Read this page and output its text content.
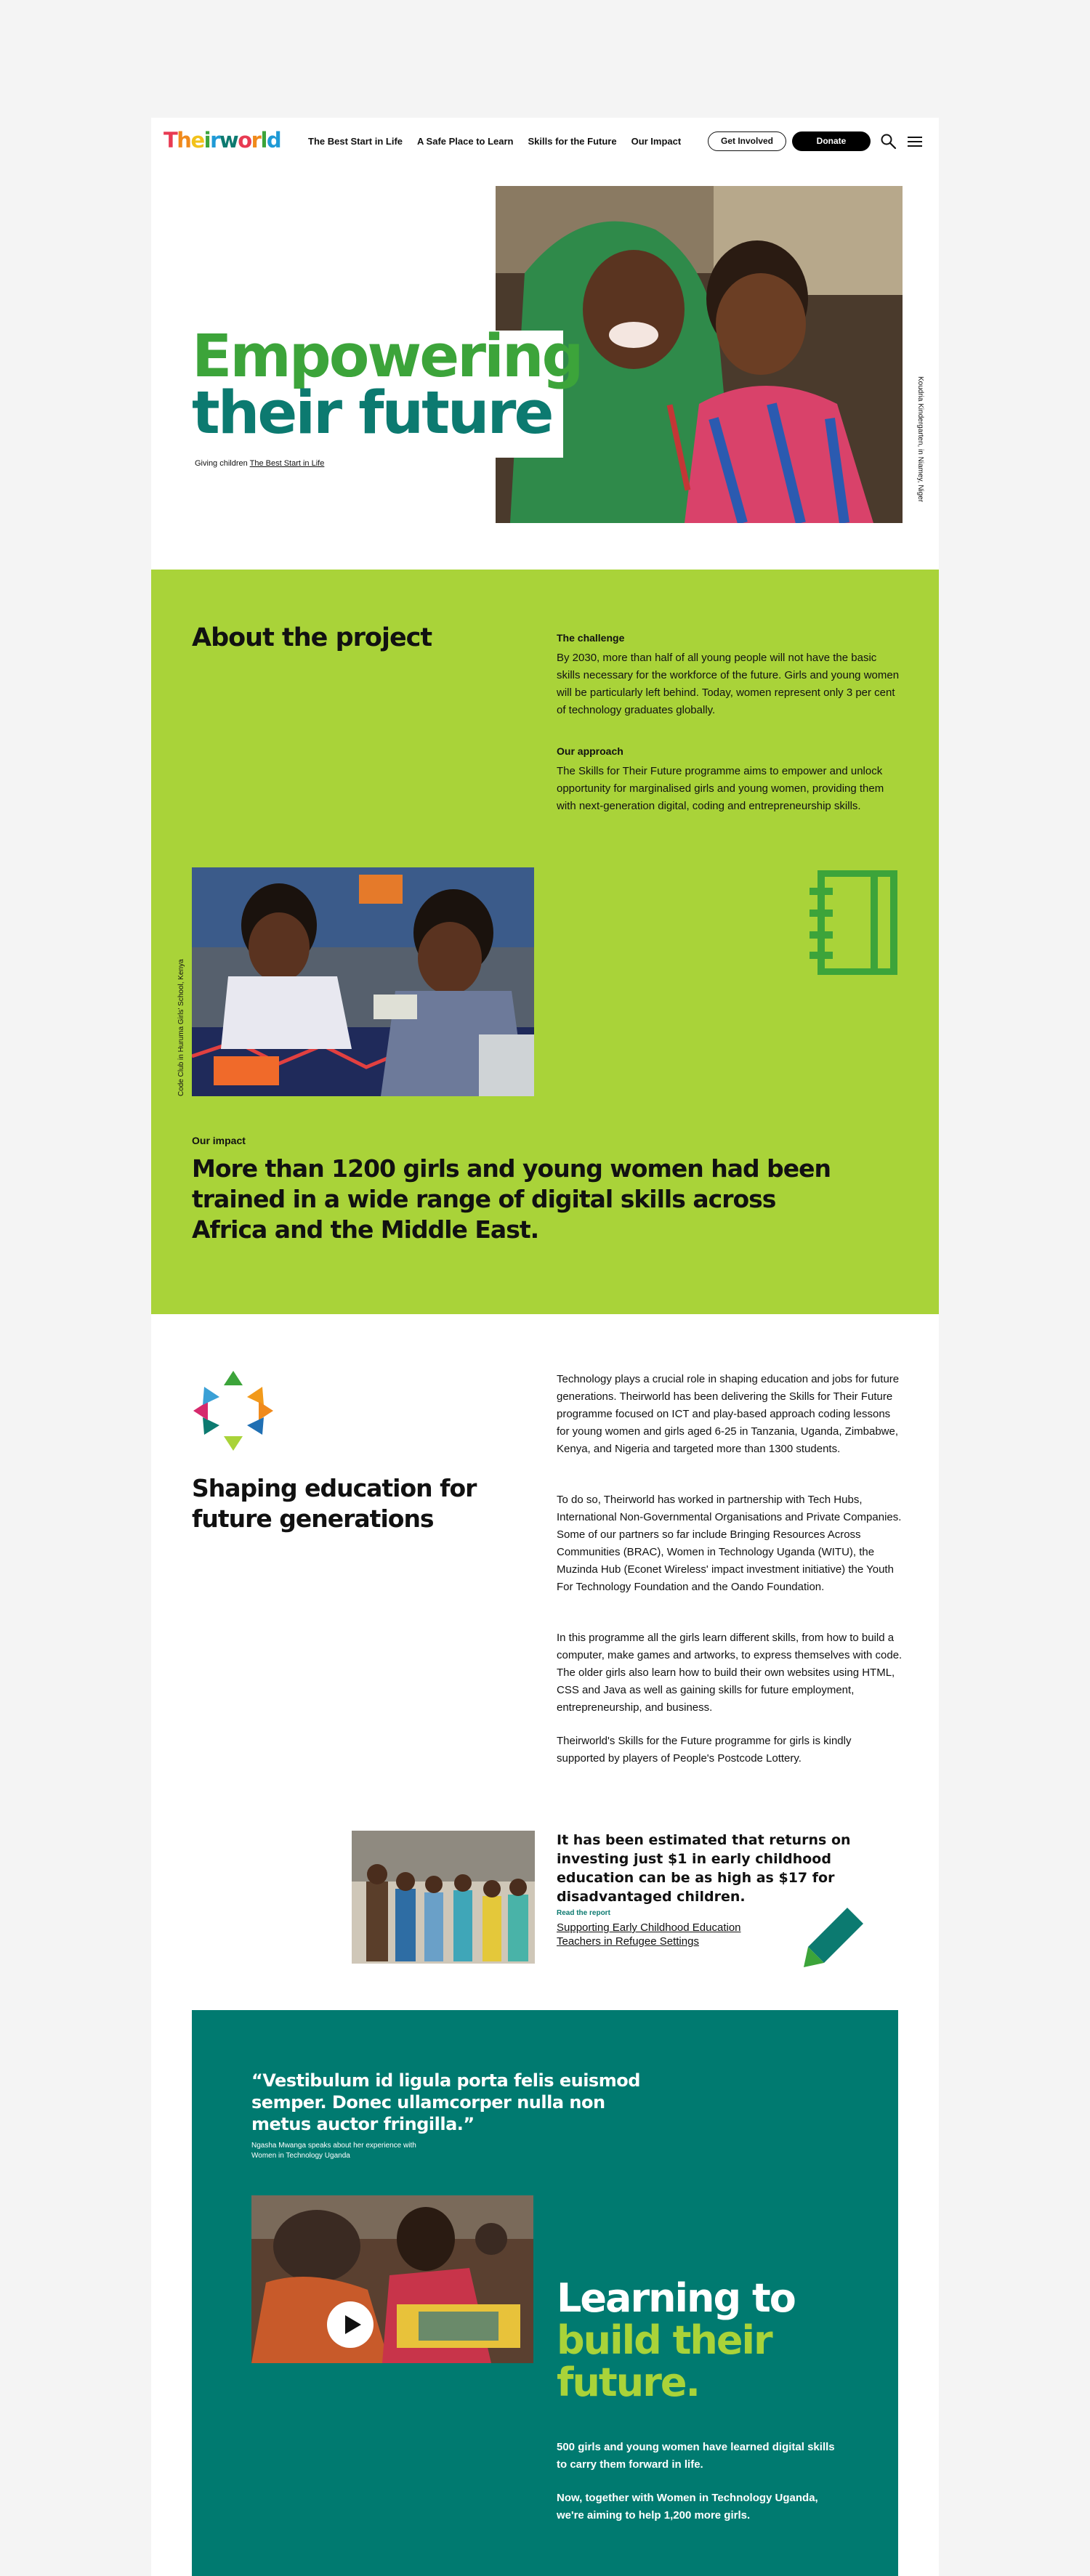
Theirworld	The Best Start in Life A Safe Place to Learn Skills for the Future Our Impact	Get Involved	Donate
Empowering
their future
Giving children The Best Start in Life	Koudria Kindergarten, in Niamey, Niger
About the project	The challenge
By 2030, more than half of all young people will not have the basic skills necessary for the workforce of the future. Girls and young women will be particularly left behind. Today, women represent only 3 per cent of technology graduates globally.
Our approach
The Skills for Their Future programme aims to empower and unlock opportunity for marginalised girls and young women, providing them with next-generation digital, coding and entrepreneurship skills.
Code Club in Huruma Girls' School, Kenya
Our impact
More than 1200 girls and young women had been trained in a wide range of digital skills across Africa and the Middle East.
Shaping education for future generations
Technology plays a crucial role in shaping education and jobs for future generations. Theirworld has been delivering the Skills for Their Future programme focused on ICT and play-based approach coding lessons for young women and girls aged 6-25 in Tanzania, Uganda, Zimbabwe, Kenya, and Nigeria and targeted more than 1300 students.
To do so, Theirworld has worked in partnership with Tech Hubs, International Non-Governmental Organisations and Private Companies. Some of our partners so far include Bringing Resources Across Communities (BRAC), Women in Technology Uganda (WITU), the Muzinda Hub (Econet Wireless' impact investment initiative) the Youth For Technology Foundation and the Oando Foundation.
In this programme all the girls learn different skills, from how to build a computer, make games and artworks, to express themselves with code. The older girls also learn how to build their own websites using HTML, CSS and Java as well as gaining skills for future employment, entrepreneurship, and business.
Theirworld's Skills for the Future programme for girls is kindly supported by players of People's Postcode Lottery.
It has been estimated that returns on investing just $1 in early childhood education can be as high as $17 for disadvantaged children.
Read the report
Supporting Early Childhood Education Teachers in Refugee Settings
“Vestibulum id ligula porta felis euismod semper. Donec ullamcorper nulla non metus auctor fringilla.”
Ngasha Mwanga speaks about her experience with Women in Technology Uganda
Learning to
build their
future.
500 girls and young women have learned digital skills to carry them forward in life.
Now, together with Women in Technology Uganda, we're aiming to help 1,200 more girls.
